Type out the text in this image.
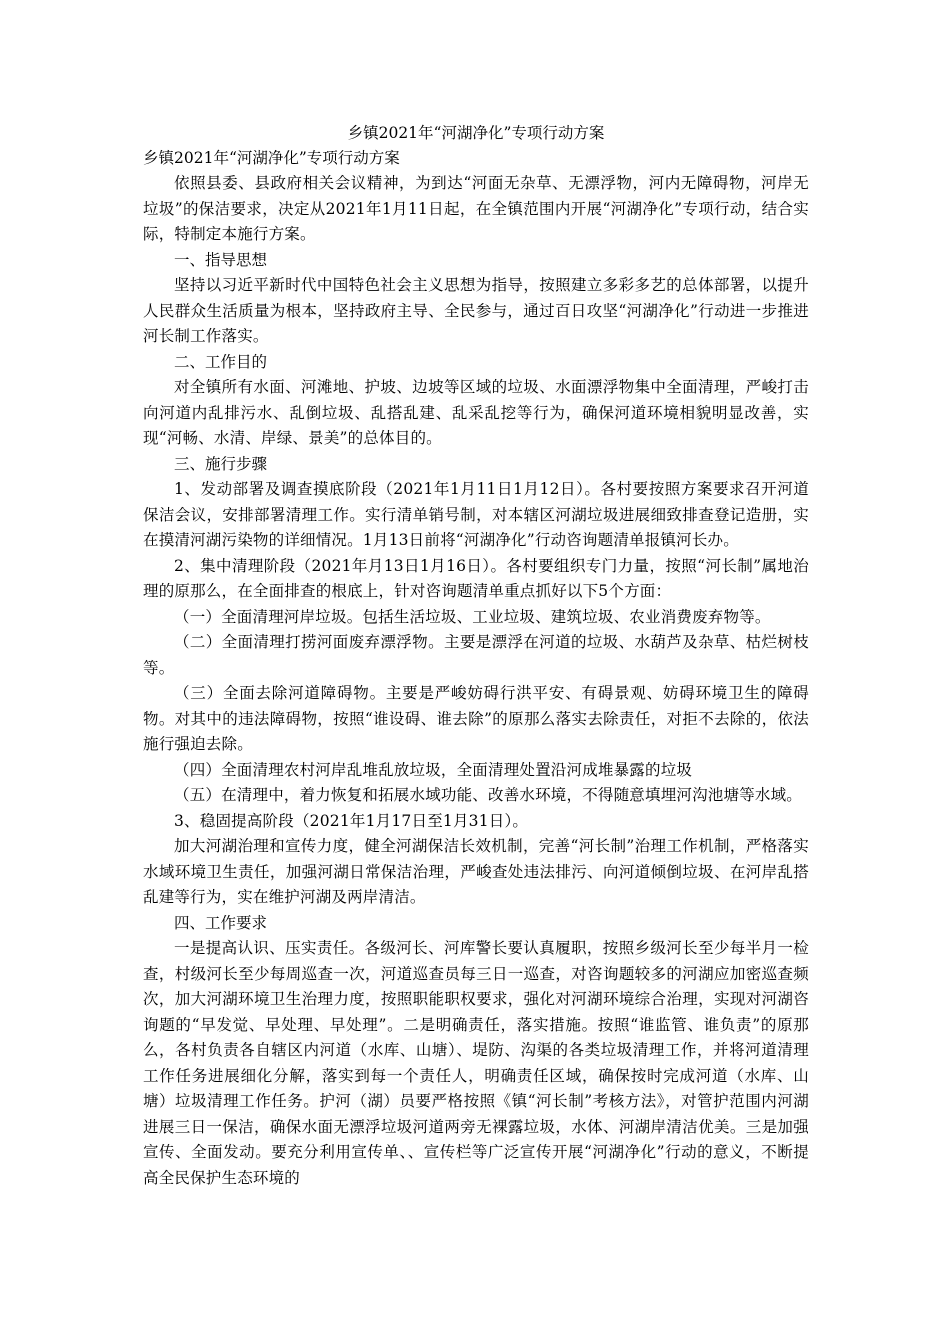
乡镇2021年“河湖净化”专项行动方案

乡镇2021年“河湖净化”专项行动方案

依照县委、县政府相关会议精神，为到达“河面无杂草、无漂浮物，河内无障碍物，河岸无垃圾”的保洁要求，决定从2021年1月11日起，在全镇范围内开展“河湖净化”专项行动，结合实际，特制定本施行方案。

一、指导思想

坚持以习近平新时代中国特色社会主义思想为指导，按照建立多彩多艺的总体部署，以提升人民群众生活质量为根本，坚持政府主导、全民参与，通过百日攻坚“河湖净化”行动进一步推进河长制工作落实。

二、工作目的

对全镇所有水面、河滩地、护坡、边坡等区域的垃圾、水面漂浮物集中全面清理，严峻打击向河道内乱排污水、乱倒垃圾、乱搭乱建、乱采乱挖等行为，确保河道环境相貌明显改善，实现“河畅、水清、岸绿、景美”的总体目的。

三、施行步骤

1、发动部署及调查摸底阶段（2021年1月11日1月12日）。各村要按照方案要求召开河道保洁会议，安排部署清理工作。实行清单销号制，对本辖区河湖垃圾进展细致排查登记造册，实在摸清河湖污染物的详细情况。1月13日前将“河湖净化”行动咨询题清单报镇河长办。

2、集中清理阶段（2021年月13日1月16日）。各村要组织专门力量，按照“河长制”属地治理的原那么，在全面排查的根底上，针对咨询题清单重点抓好以下5个方面：

（一）全面清理河岸垃圾。包括生活垃圾、工业垃圾、建筑垃圾、农业消费废弃物等。

（二）全面清理打捞河面废弃漂浮物。主要是漂浮在河道的垃圾、水葫芦及杂草、枯烂树枝等。

（三）全面去除河道障碍物。主要是严峻妨碍行洪平安、有碍景观、妨碍环境卫生的障碍物。对其中的违法障碍物，按照“谁设碍、谁去除”的原那么落实去除责任，对拒不去除的，依法施行强迫去除。

（四）全面清理农村河岸乱堆乱放垃圾，全面清理处置沿河成堆暴露的垃圾

（五）在清理中，着力恢复和拓展水域功能、改善水环境，不得随意填埋河沟池塘等水域。

3、稳固提高阶段（2021年1月17日至1月31日）。

加大河湖治理和宣传力度，健全河湖保洁长效机制，完善“河长制”治理工作机制，严格落实水域环境卫生责任，加强河湖日常保洁治理，严峻查处违法排污、向河道倾倒垃圾、在河岸乱搭乱建等行为，实在维护河湖及两岸清洁。

四、工作要求

一是提高认识、压实责任。各级河长、河库警长要认真履职，按照乡级河长至少每半月一检查，村级河长至少每周巡查一次，河道巡查员每三日一巡查，对咨询题较多的河湖应加密巡查频次，加大河湖环境卫生治理力度，按照职能职权要求，强化对河湖环境综合治理，实现对河湖咨询题的“早发觉、早处理、早处理”。二是明确责任，落实措施。按照“谁监管、谁负责”的原那么，各村负责各自辖区内河道（水库、山塘）、堤防、沟渠的各类垃圾清理工作，并将河道清理工作任务进展细化分解，落实到每一个责任人，明确责任区域，确保按时完成河道（水库、山塘）垃圾清理工作任务。护河（湖）员要严格按照《镇“河长制”考核方法》，对管护范围内河湖进展三日一保洁，确保水面无漂浮垃圾河道两旁无裸露垃圾，水体、河湖岸清洁优美。三是加强宣传、全面发动。要充分利用宣传单、、宣传栏等广泛宣传开展“河湖净化”行动的意义，不断提高全民保护生态环境的
